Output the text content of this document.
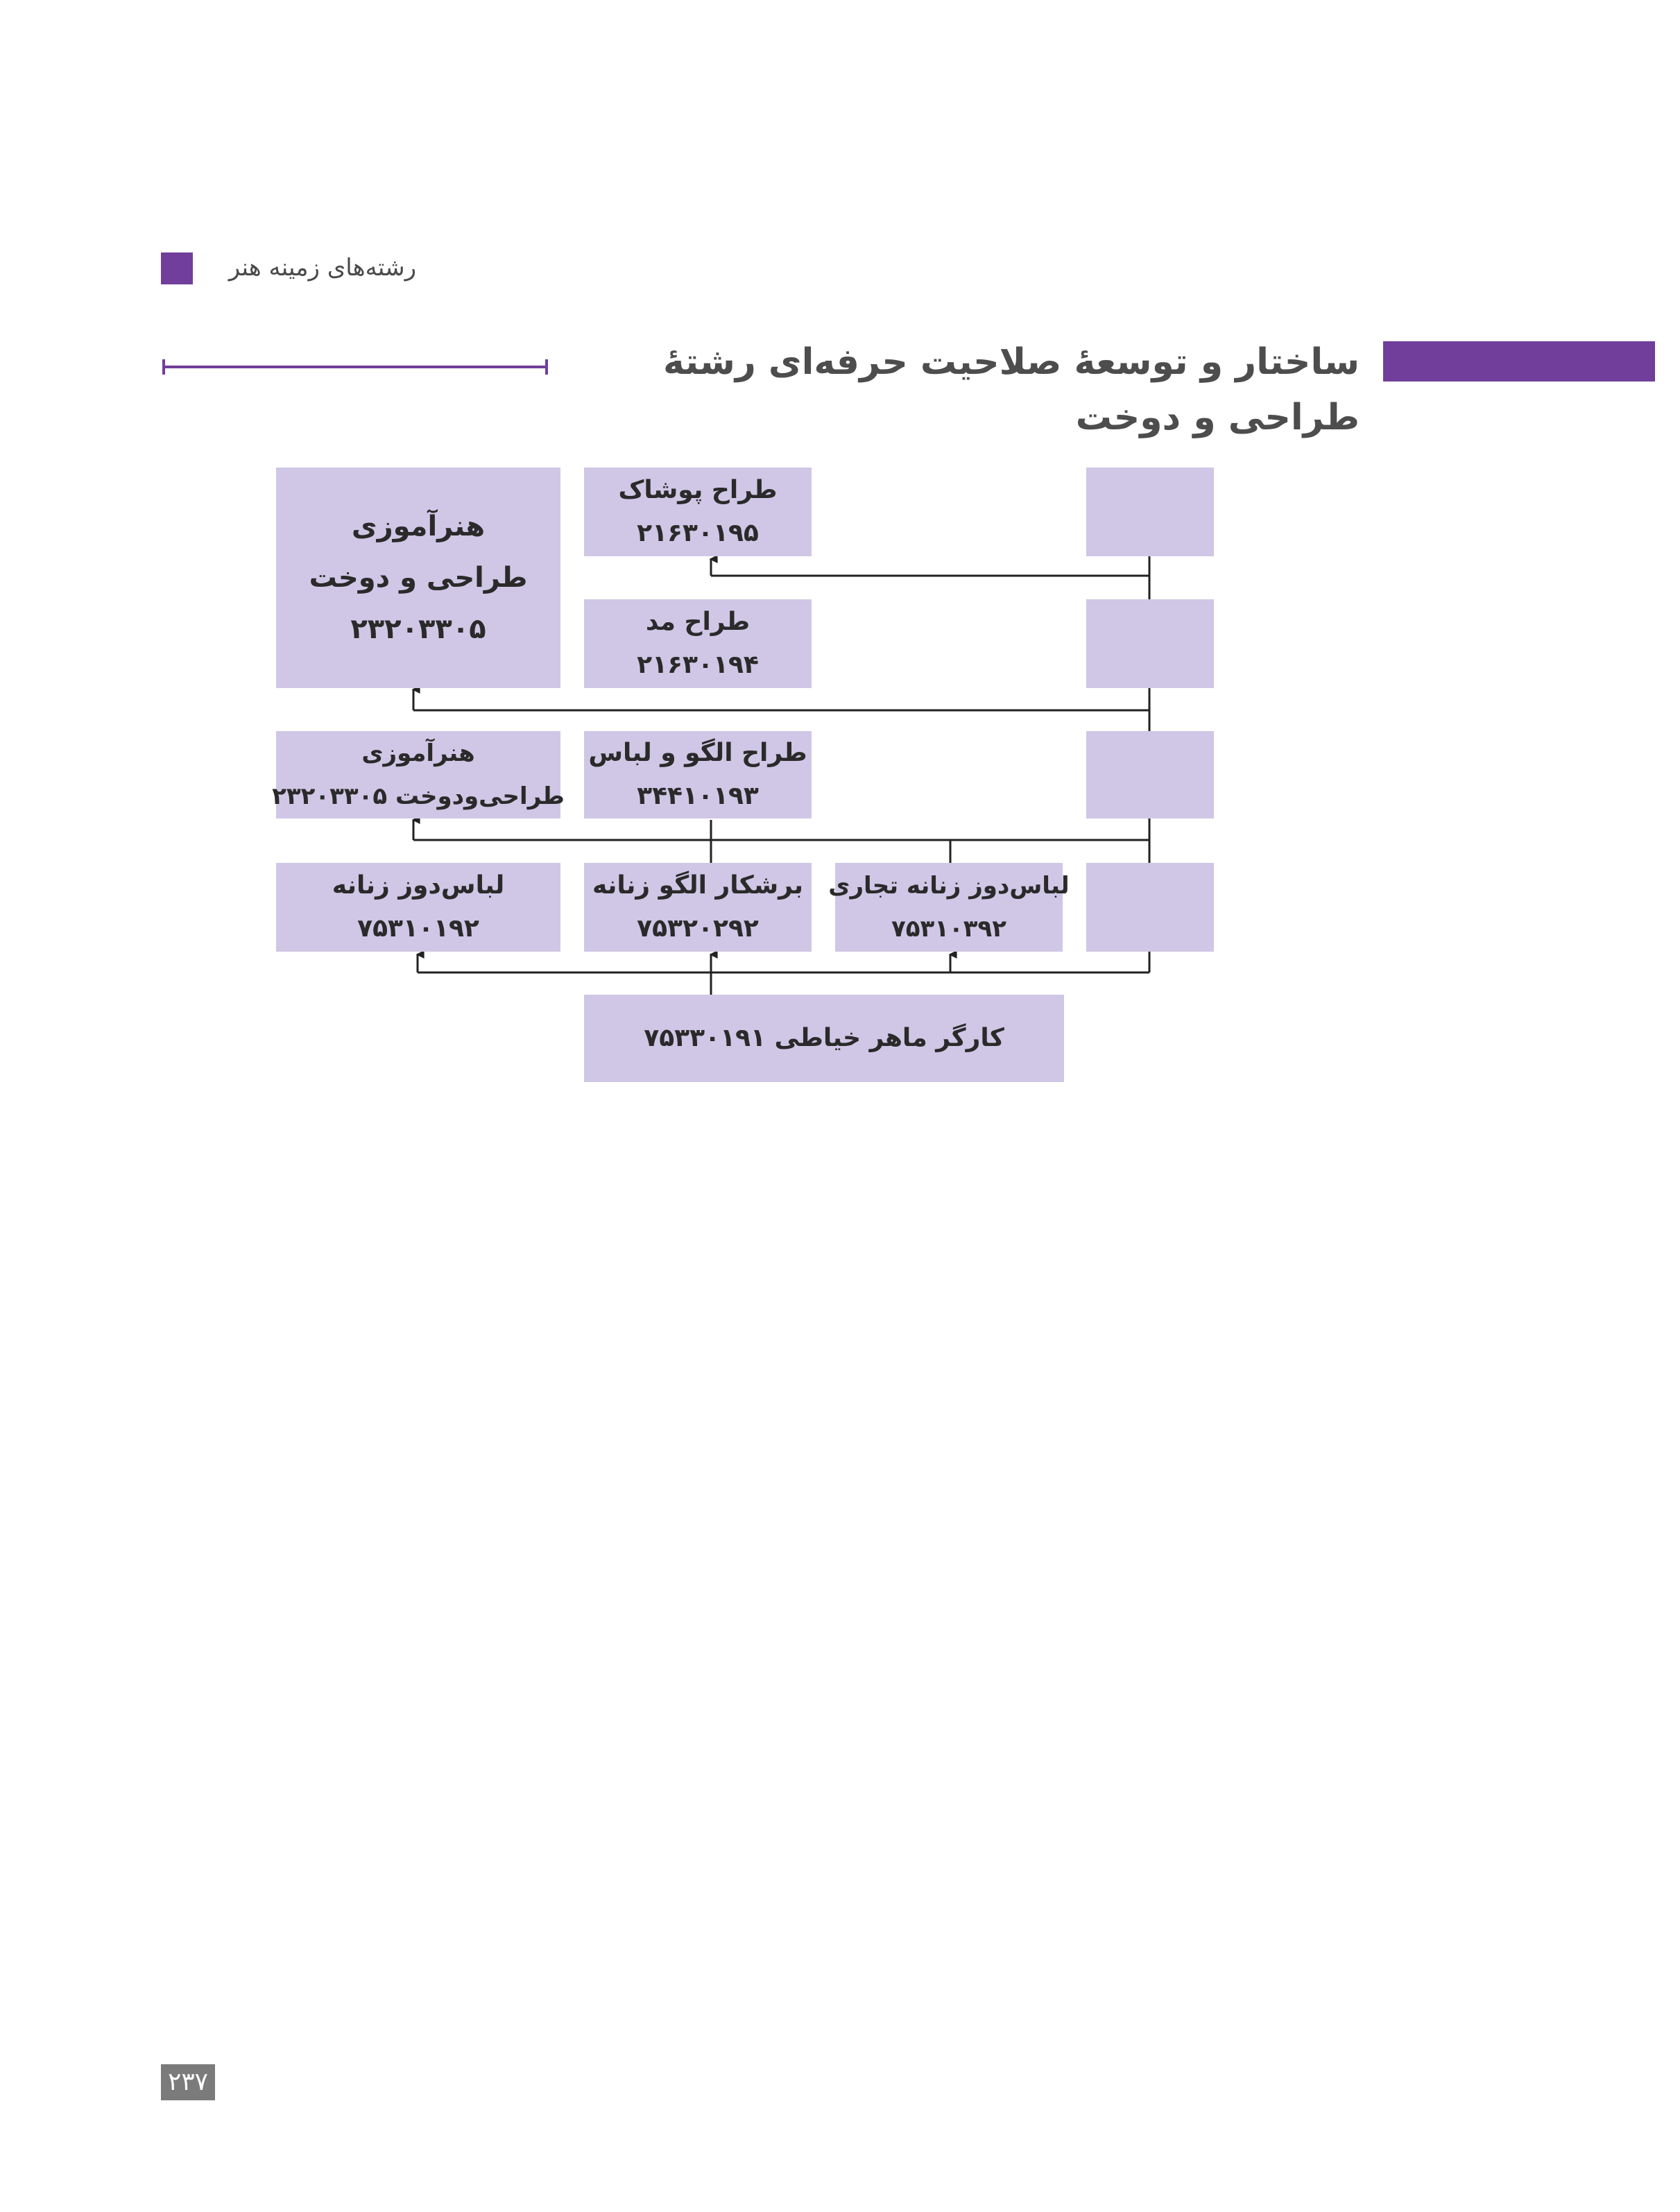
رشته‌های زمینه هنر
ساختار و توسعهٔ صلاحیت حرفه‌ای رشتهٔ طراحی و دوخت
هنرآموزی
طراحی و دوخت
۲۳۲۰۳۳۰۵
طراح پوشاک
۲۱۶۳۰۱۹۵
طراح مد
۲۱۶۳۰۱۹۴
هنرآموزی
طراحی‌ودوخت ۲۳۲۰۳۳۰۵
طراح الگو و لباس
۳۴۴۱۰۱۹۳
لباس‌دوز زنانه
۷۵۳۱۰۱۹۲
برشکار الگو زنانه
۷۵۳۲۰۲۹۲
لباس‌دوز زنانه تجاری
۷۵۳۱۰۳۹۲
کارگر ماهر خیاطی ۷۵۳۳۰۱۹۱
۲۳۷
